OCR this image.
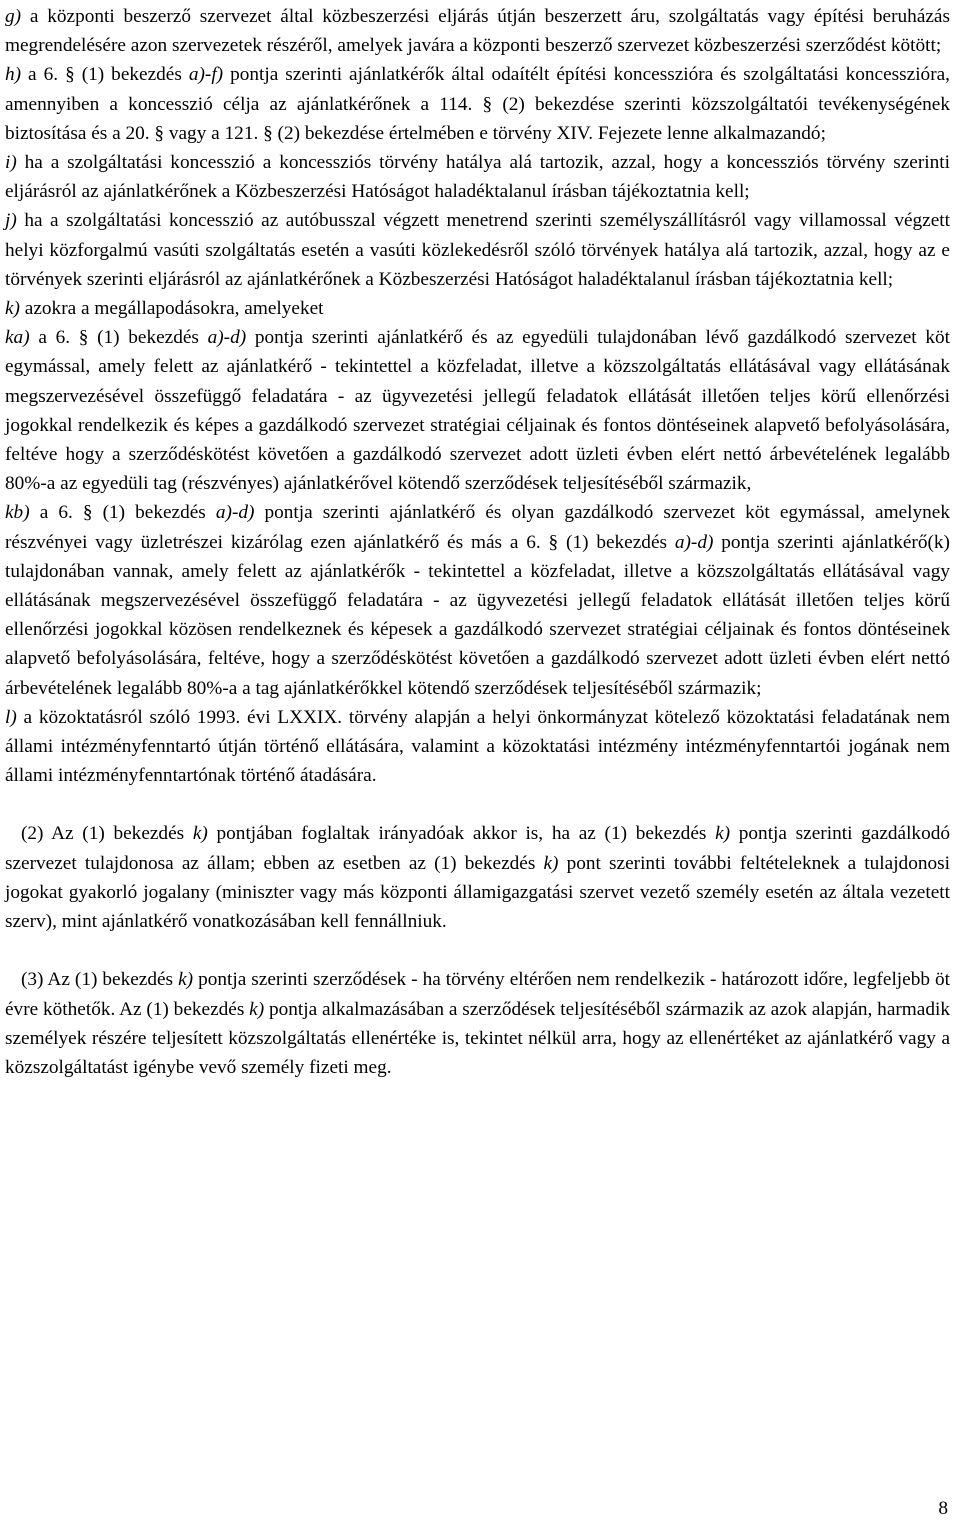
g) a központi beszerző szervezet által közbeszerzési eljárás útján beszerzett áru, szolgáltatás vagy építési beruházás megrendelésére azon szervezetek részéről, amelyek javára a központi beszerző szervezet közbeszerzési szerződést kötött;

h) a 6. § (1) bekezdés a)-f) pontja szerinti ajánlatkérők által odaítélt építési koncesszióra és szolgáltatási koncesszióra, amennyiben a koncesszió célja az ajánlatkérőnek a 114. § (2) bekezdése szerinti közszolgáltatói tevékenységének biztosítása és a 20. § vagy a 121. § (2) bekezdése értelmében e törvény XIV. Fejezete lenne alkalmazandó;

i) ha a szolgáltatási koncesszió a koncessziós törvény hatálya alá tartozik, azzal, hogy a koncessziós törvény szerinti eljárásról az ajánlatkérőnek a Közbeszerzési Hatóságot haladéktalanul írásban tájékoztatnia kell;

j) ha a szolgáltatási koncesszió az autóbusszal végzett menetrend szerinti személyszállításról vagy villamossal végzett helyi közforgalmú vasúti szolgáltatás esetén a vasúti közlekedésről szóló törvények hatálya alá tartozik, azzal, hogy az e törvények szerinti eljárásról az ajánlatkérőnek a Közbeszerzési Hatóságot haladéktalanul írásban tájékoztatnia kell;

k) azokra a megállapodásokra, amelyeket

ka) a 6. § (1) bekezdés a)-d) pontja szerinti ajánlatkérő és az egyedüli tulajdonában lévő gazdálkodó szervezet köt egymással, amely felett az ajánlatkérő - tekintettel a közfeladat, illetve a közszolgáltatás ellátásával vagy ellátásának megszervezésével összefüggő feladatára - az ügyvezetési jellegű feladatok ellátását illetően teljes körű ellenőrzési jogokkal rendelkezik és képes a gazdálkodó szervezet stratégiai céljainak és fontos döntéseinek alapvető befolyásolására, feltéve hogy a szerződéskötést követően a gazdálkodó szervezet adott üzleti évben elért nettó árbevételének legalább 80%-a az egyedüli tag (részvényes) ajánlatkérővel kötendő szerződések teljesítéséből származik,

kb) a 6. § (1) bekezdés a)-d) pontja szerinti ajánlatkérő és olyan gazdálkodó szervezet köt egymással, amelynek részvényei vagy üzletrészei kizárólag ezen ajánlatkérő és más a 6. § (1) bekezdés a)-d) pontja szerinti ajánlatkérő(k) tulajdonában vannak, amely felett az ajánlatkérők - tekintettel a közfeladat, illetve a közszolgáltatás ellátásával vagy ellátásának megszervezésével összefüggő feladatára - az ügyvezetési jellegű feladatok ellátását illetően teljes körű ellenőrzési jogokkal közösen rendelkeznek és képesek a gazdálkodó szervezet stratégiai céljainak és fontos döntéseinek alapvető befolyásolására, feltéve, hogy a szerződéskötést követően a gazdálkodó szervezet adott üzleti évben elért nettó árbevételének legalább 80%-a a tag ajánlatkérőkkel kötendő szerződések teljesítéséből származik;

l) a közoktatásról szóló 1993. évi LXXIX. törvény alapján a helyi önkormányzat kötelező közoktatási feladatának nem állami intézményfenntartó útján történő ellátására, valamint a közoktatási intézmény intézményfenntartói jogának nem állami intézményfenntartónak történő átadására.

(2) Az (1) bekezdés k) pontjában foglaltak irányadóak akkor is, ha az (1) bekezdés k) pontja szerinti gazdálkodó szervezet tulajdonosa az állam; ebben az esetben az (1) bekezdés k) pont szerinti további feltételeknek a tulajdonosi jogokat gyakorló jogalany (miniszter vagy más központi államigazgatási szervet vezető személy esetén az általa vezetett szerv), mint ajánlatkérő vonatkozásában kell fennállniuk.

(3) Az (1) bekezdés k) pontja szerinti szerződések - ha törvény eltérően nem rendelkezik - határozott időre, legfeljebb öt évre köthetők. Az (1) bekezdés k) pontja alkalmazásában a szerződések teljesítéséből származik az azok alapján, harmadik személyek részére teljesített közszolgáltatás ellenértéke is, tekintet nélkül arra, hogy az ellenértéket az ajánlatkérő vagy a közszolgáltatást igénybe vevő személy fizeti meg.

8
